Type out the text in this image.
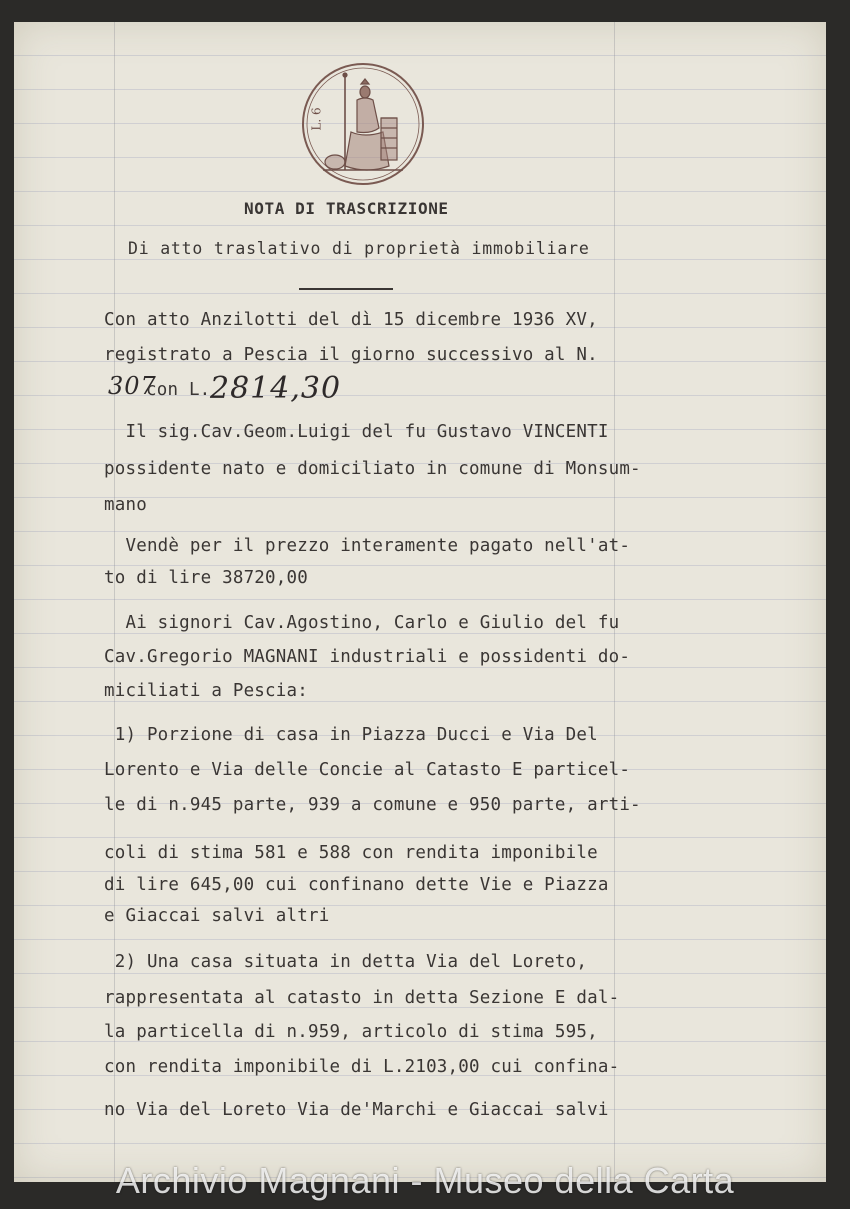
L. 6
NOTA DI TRASCRIZIONE
Di atto traslativo di proprietà immobiliare
Con atto Anzilotti del dì 15 dicembre 1936 XV,
registrato a Pescia il giorno successivo al N.
307
con L. 2814,30
Il sig.Cav.Geom.Luigi del fu Gustavo VINCENTI
possidente nato e domiciliato in comune di Monsum-
mano
Vendè per il prezzo interamente pagato nell'at-
to di lire 38720,00
Ai signori Cav.Agostino, Carlo e Giulio del fu
Cav.Gregorio MAGNANI industriali e possidenti do-
miciliati a Pescia:
1) Porzione di casa in Piazza Ducci e Via Del
Lorento e Via delle Concie al Catasto E particel-
le di n.945 parte, 939 a comune e 950 parte, arti-
coli di stima 581 e 588 con rendita imponibile
di lire 645,00 cui confinano dette Vie e Piazza
e Giaccai salvi altri
2) Una casa situata in detta Via del Loreto,
rappresentata al catasto in detta Sezione E dal-
la particella di n.959, articolo di stima 595,
con rendita imponibile di L.2103,00 cui confina-
no Via del Loreto Via de'Marchi e Giaccai salvi
Archivio Magnani - Museo della Carta
